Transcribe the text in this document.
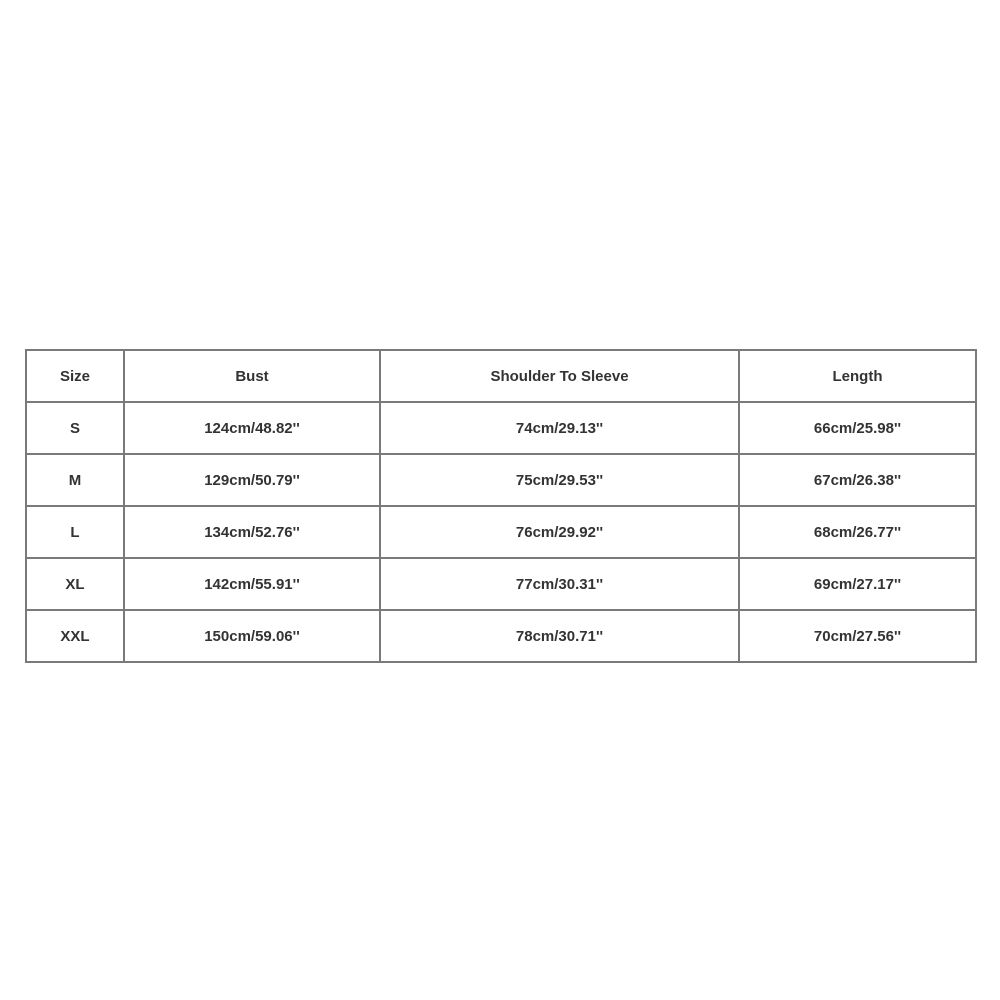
Size	Bust	Shoulder To Sleeve	Length
S	124cm/48.82''	74cm/29.13''	66cm/25.98''
M	129cm/50.79''	75cm/29.53''	67cm/26.38''
L	134cm/52.76''	76cm/29.92''	68cm/26.77''
XL	142cm/55.91''	77cm/30.31''	69cm/27.17''
XXL	150cm/59.06''	78cm/30.71''	70cm/27.56''
